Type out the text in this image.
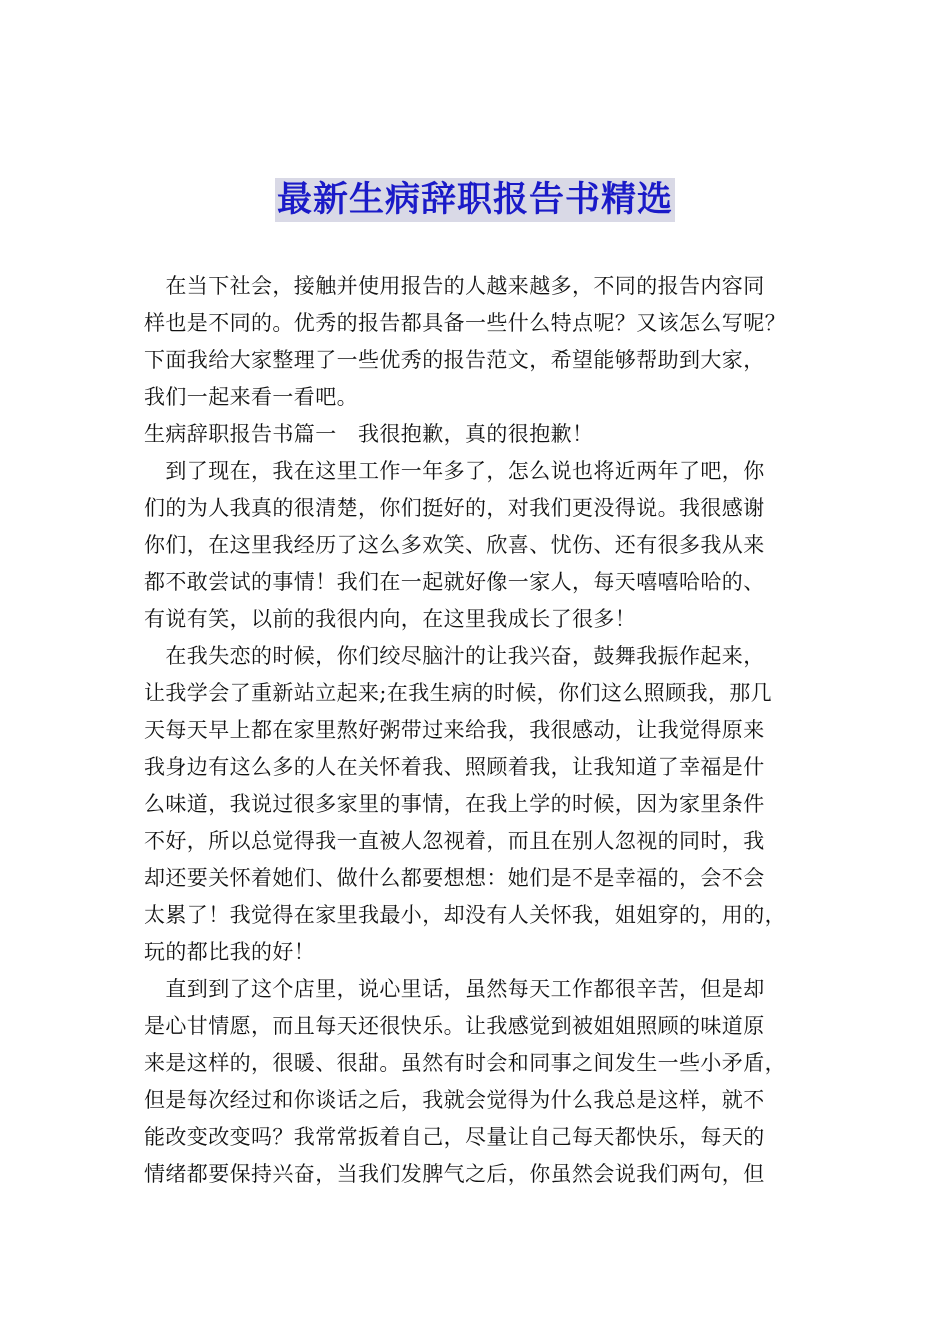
最新生病辞职报告书精选
　在当下社会，接触并使用报告的人越来越多，不同的报告内容同
样也是不同的。优秀的报告都具备一些什么特点呢？又该怎么写呢？
下面我给大家整理了一些优秀的报告范文，希望能够帮助到大家，
我们一起来看一看吧。
生病辞职报告书篇一　我很抱歉，真的很抱歉！
　到了现在，我在这里工作一年多了，怎么说也将近两年了吧，你
们的为人我真的很清楚，你们挺好的，对我们更没得说。我很感谢
你们，在这里我经历了这么多欢笑、欣喜、忧伤、还有很多我从来
都不敢尝试的事情！我们在一起就好像一家人，每天嘻嘻哈哈的、
有说有笑，以前的我很内向，在这里我成长了很多！
　在我失恋的时候，你们绞尽脑汁的让我兴奋，鼓舞我振作起来，
让我学会了重新站立起来;在我生病的时候，你们这么照顾我，那几
天每天早上都在家里熬好粥带过来给我，我很感动，让我觉得原来
我身边有这么多的人在关怀着我、照顾着我，让我知道了幸福是什
么味道，我说过很多家里的事情，在我上学的时候，因为家里条件
不好，所以总觉得我一直被人忽视着，而且在别人忽视的同时，我
却还要关怀着她们、做什么都要想想：她们是不是幸福的，会不会
太累了！我觉得在家里我最小，却没有人关怀我，姐姐穿的，用的，
玩的都比我的好！
　直到到了这个店里，说心里话，虽然每天工作都很辛苦，但是却
是心甘情愿，而且每天还很快乐。让我感觉到被姐姐照顾的味道原
来是这样的，很暖、很甜。虽然有时会和同事之间发生一些小矛盾，
但是每次经过和你谈话之后，我就会觉得为什么我总是这样，就不
能改变改变吗？我常常扳着自己，尽量让自己每天都快乐，每天的
情绪都要保持兴奋，当我们发脾气之后，你虽然会说我们两句，但
